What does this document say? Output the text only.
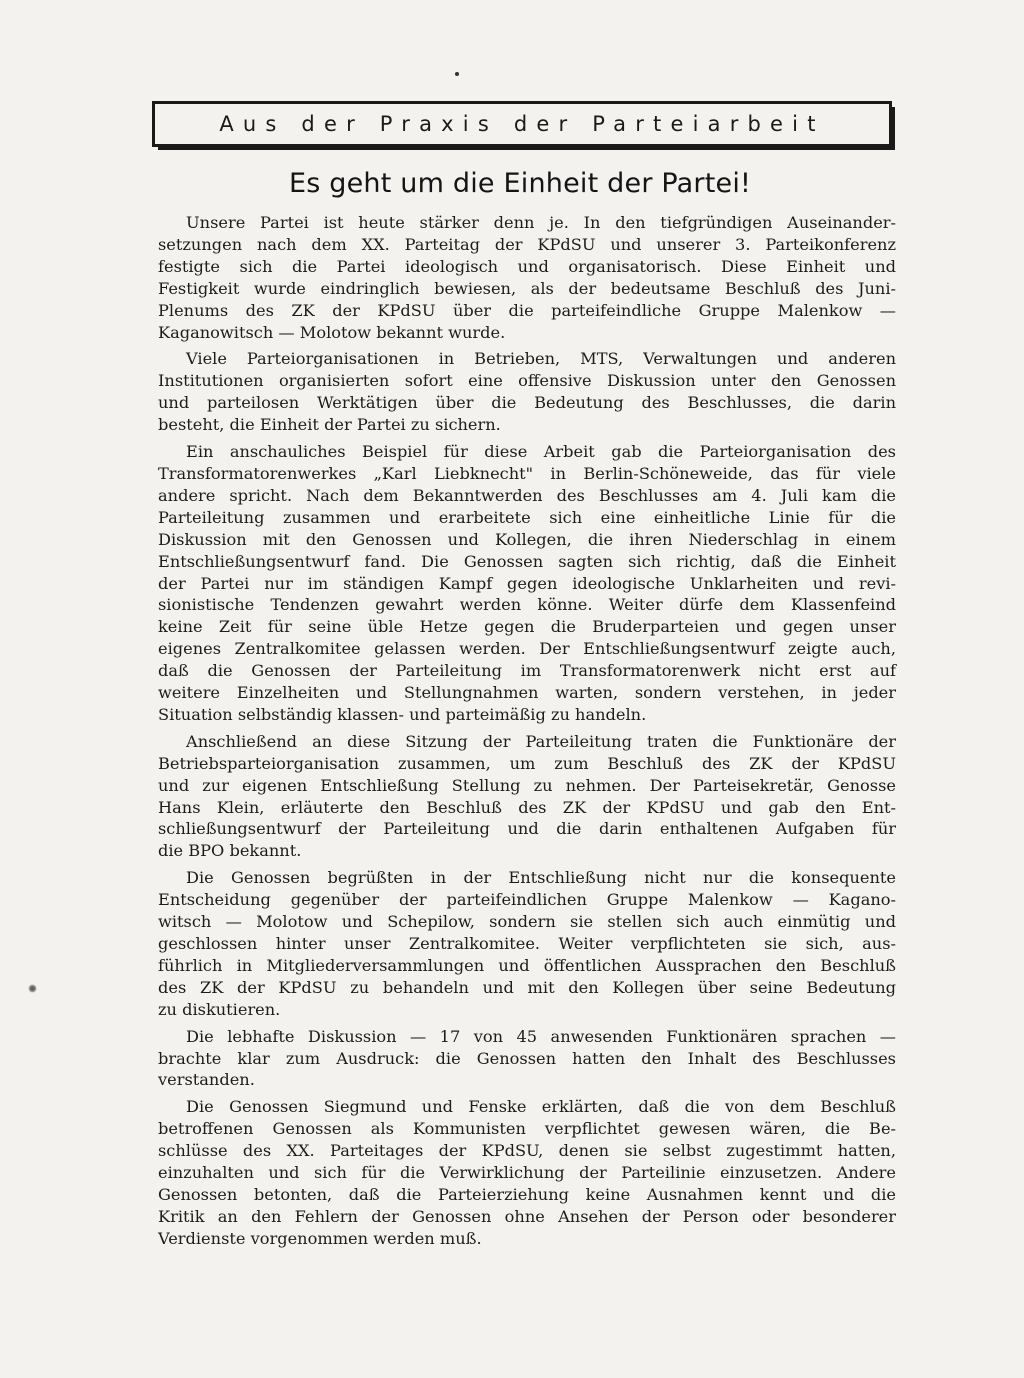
Aus der Praxis der Parteiarbeit
Es geht um die Einheit der Partei!

Unsere Partei ist heute stärker denn je. In den tiefgründigen Auseinander-
setzungen nach dem XX. Parteitag der KPdSU und unserer 3. Parteikonferenz
festigte sich die Partei ideologisch und organisatorisch. Diese Einheit und
Festigkeit wurde eindringlich bewiesen, als der bedeutsame Beschluß des Juni-
Plenums des ZK der KPdSU über die parteifeindliche Gruppe Malenkow —
Kaganowitsch — Molotow bekannt wurde.

Viele Parteiorganisationen in Betrieben, MTS, Verwaltungen und anderen
Institutionen organisierten sofort eine offensive Diskussion unter den Genossen
und parteilosen Werktätigen über die Bedeutung des Beschlusses, die darin
besteht, die Einheit der Partei zu sichern.

Ein anschauliches Beispiel für diese Arbeit gab die Parteiorganisation des
Transformatorenwerkes „Karl Liebknecht" in Berlin-Schöneweide, das für viele
andere spricht. Nach dem Bekanntwerden des Beschlusses am 4. Juli kam die
Parteileitung zusammen und erarbeitete sich eine einheitliche Linie für die
Diskussion mit den Genossen und Kollegen, die ihren Niederschlag in einem
Entschließungsentwurf fand. Die Genossen sagten sich richtig, daß die Einheit
der Partei nur im ständigen Kampf gegen ideologische Unklarheiten und revi-
sionistische Tendenzen gewahrt werden könne. Weiter dürfe dem Klassenfeind
keine Zeit für seine üble Hetze gegen die Bruderparteien und gegen unser
eigenes Zentralkomitee gelassen werden. Der Entschließungsentwurf zeigte auch,
daß die Genossen der Parteileitung im Transformatorenwerk nicht erst auf
weitere Einzelheiten und Stellungnahmen warten, sondern verstehen, in jeder
Situation selbständig klassen- und parteimäßig zu handeln.

Anschließend an diese Sitzung der Parteileitung traten die Funktionäre der
Betriebsparteiorganisation zusammen, um zum Beschluß des ZK der KPdSU
und zur eigenen Entschließung Stellung zu nehmen. Der Parteisekretär, Genosse
Hans Klein, erläuterte den Beschluß des ZK der KPdSU und gab den Ent-
schließungsentwurf der Parteileitung und die darin enthaltenen Aufgaben für
die BPO bekannt.

Die Genossen begrüßten in der Entschließung nicht nur die konsequente
Entscheidung gegenüber der parteifeindlichen Gruppe Malenkow — Kagano-
witsch — Molotow und Schepilow, sondern sie stellen sich auch einmütig und
geschlossen hinter unser Zentralkomitee. Weiter verpflichteten sie sich, aus-
führlich in Mitgliederversammlungen und öffentlichen Aussprachen den Beschluß
des ZK der KPdSU zu behandeln und mit den Kollegen über seine Bedeutung
zu diskutieren.

Die lebhafte Diskussion — 17 von 45 anwesenden Funktionären sprachen —
brachte klar zum Ausdruck: die Genossen hatten den Inhalt des Beschlusses
verstanden.

Die Genossen Siegmund und Fenske erklärten, daß die von dem Beschluß
betroffenen Genossen als Kommunisten verpflichtet gewesen wären, die Be-
schlüsse des XX. Parteitages der KPdSU, denen sie selbst zugestimmt hatten,
einzuhalten und sich für die Verwirklichung der Parteilinie einzusetzen. Andere
Genossen betonten, daß die Parteierziehung keine Ausnahmen kennt und die
Kritik an den Fehlern der Genossen ohne Ansehen der Person oder besonderer
Verdienste vorgenommen werden muß.
